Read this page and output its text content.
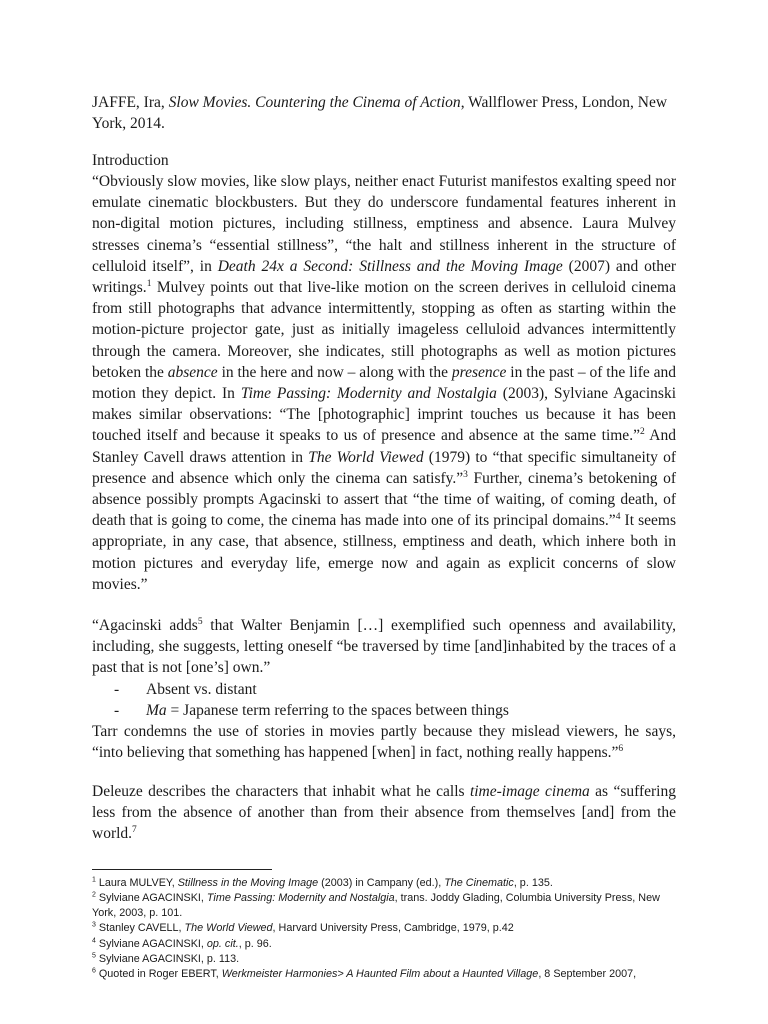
JAFFE, Ira, Slow Movies. Countering the Cinema of Action, Wallflower Press, London, New York, 2014.

Introduction

“Obviously slow movies, like slow plays, neither enact Futurist manifestos exalting speed nor emulate cinematic blockbusters. But they do underscore fundamental features inherent in non-digital motion pictures, including stillness, emptiness and absence. Laura Mulvey stresses cinema’s “essential stillness”, “the halt and stillness inherent in the structure of celluloid itself”, in Death 24x a Second: Stillness and the Moving Image (2007) and other writings.$^1$ Mulvey points out that live-like motion on the screen derives in celluloid cinema from still photographs that advance intermittently, stopping as often as starting within the motion-picture projector gate, just as initially imageless celluloid advances intermittently through the camera. Moreover, she indicates, still photographs as well as motion pictures betoken the absence in the here and now – along with the presence in the past – of the life and motion they depict. In Time Passing: Modernity and Nostalgia (2003), Sylviane Agacinski makes similar observations: “The [photographic] imprint touches us because it has been touched itself and because it speaks to us of presence and absence at the same time.”$^2$ And Stanley Cavell draws attention in The World Viewed (1979) to “that specific simultaneity of presence and absence which only the cinema can satisfy.”$^3$ Further, cinema’s betokening of absence possibly prompts Agacinski to assert that “the time of waiting, of coming death, of death that is going to come, the cinema has made into one of its principal domains.”$^4$ It seems appropriate, in any case, that absence, stillness, emptiness and death, which inhere both in motion pictures and everyday life, emerge now and again as explicit concerns of slow movies.”

“Agacinski adds$^5$ that Walter Benjamin […] exemplified such openness and availability, including, she suggests, letting oneself “be traversed by time [and]inhabited by the traces of a past that is not [one’s] own.”

- Absent vs. distant
- Ma = Japanese term referring to the spaces between things

Tarr condemns the use of stories in movies partly because they mislead viewers, he says, “into believing that something has happened [when] in fact, nothing really happens.”$^6$

Deleuze describes the characters that inhabit what he calls time-image cinema as “suffering less from the absence of another than from their absence from themselves [and] from the world.$^7$

$^1$ Laura MULVEY, Stillness in the Moving Image (2003) in Campany (ed.), The Cinematic, p. 135.

$^2$ Sylviane AGACINSKI, Time Passing: Modernity and Nostalgia, trans. Joddy Glading, Columbia University Press, New York, 2003, p. 101.

$^3$ Stanley CAVELL, The World Viewed, Harvard University Press, Cambridge, 1979, p.42

$^4$ Sylviane AGACINSKI, op. cit., p. 96.

$^5$ Sylviane AGACINSKI, p. 113.

$^6$ Quoted in Roger EBERT, Werkmeister Harmonies> A Haunted Film about a Haunted Village, 8 September 2007,
